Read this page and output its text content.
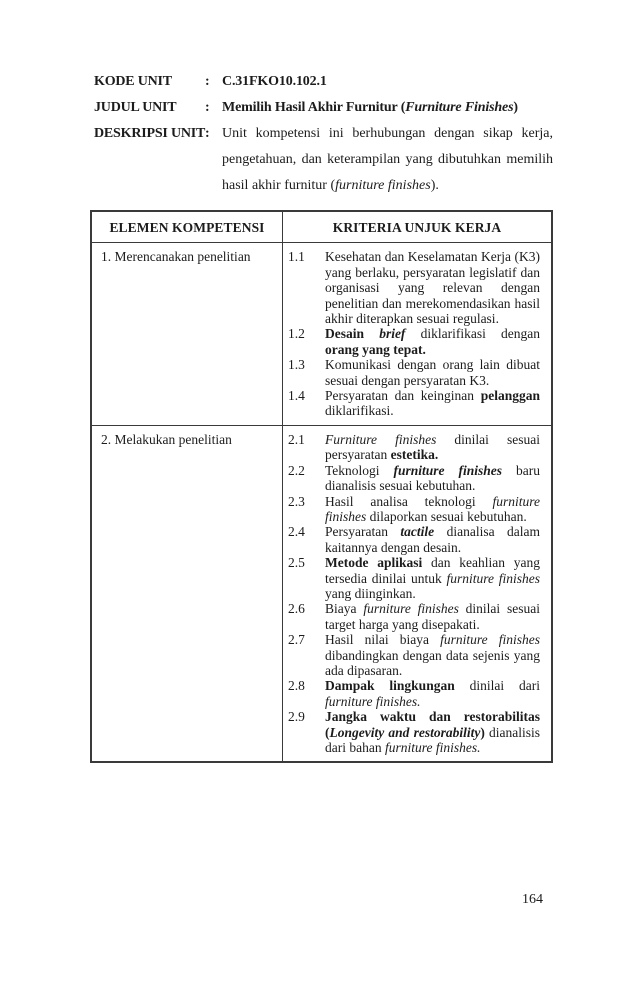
KODE UNIT	: C.31FKO10.102.1
JUDUL UNIT	: Memilih Hasil Akhir Furnitur (Furniture Finishes)
DESKRIPSI UNIT : Unit kompetensi ini berhubungan dengan sikap kerja, pengetahuan, dan keterampilan yang dibutuhkan memilih hasil akhir furnitur (furniture finishes).
ELEMEN KOMPETENSI	KRITERIA UNJUK KERJA
1. Merencanakan penelitian	1.1	Kesehatan dan Keselamatan Kerja (K3) yang berlaku, persyaratan legislatif dan organisasi yang relevan dengan penelitian dan merekomendasikan hasil akhir diterapkan sesuai regulasi.
1.2	Desain brief diklarifikasi dengan orang yang tepat.
1.3	Komunikasi dengan orang lain dibuat sesuai dengan persyaratan K3.
1.4	Persyaratan dan keinginan pelanggan diklarifikasi.
2. Melakukan penelitian	2.1	Furniture finishes dinilai sesuai persyaratan estetika.
2.2	Teknologi furniture finishes baru dianalisis sesuai kebutuhan.
2.3	Hasil analisa teknologi furniture finishes dilaporkan sesuai kebutuhan.
2.4	Persyaratan tactile dianalisa dalam kaitannya dengan desain.
2.5	Metode aplikasi dan keahlian yang tersedia dinilai untuk furniture finishes yang diinginkan.
2.6	Biaya furniture finishes dinilai sesuai target harga yang disepakati.
2.7	Hasil nilai biaya furniture finishes dibandingkan dengan data sejenis yang ada dipasaran.
2.8	Dampak lingkungan dinilai dari furniture finishes.
2.9	Jangka waktu dan restorabilitas (Longevity and restorability) dianalisis dari bahan furniture finishes.
164
